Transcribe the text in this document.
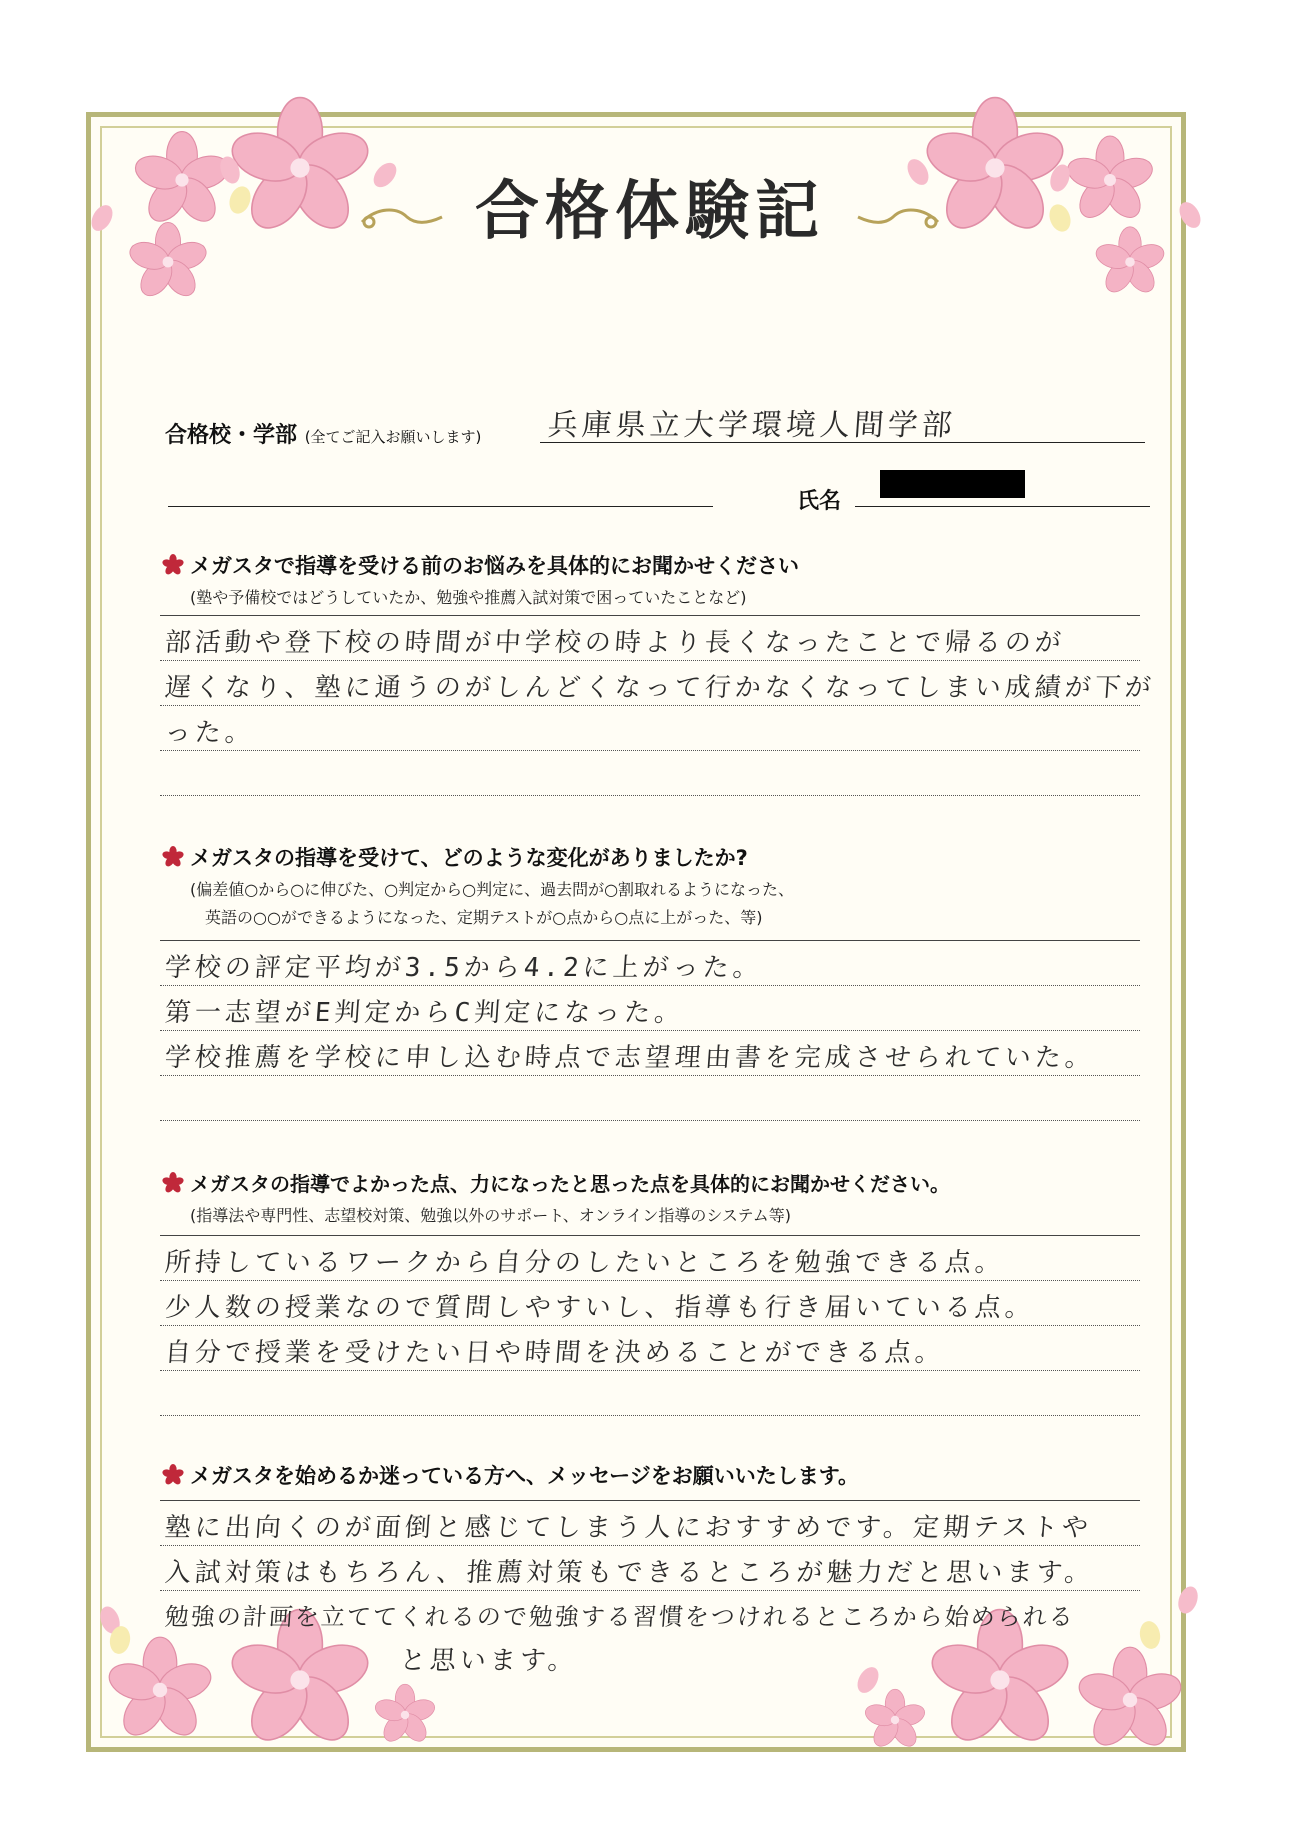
合格体験記
合格校・学部 (全てご記入お願いします) 兵庫県立大学環境人間学部
氏名
メガスタで指導を受ける前のお悩みを具体的にお聞かせください
(塾や予備校ではどうしていたか、勉強や推薦入試対策で困っていたことなど)
部活動や登下校の時間が中学校の時より長くなったことで帰るのが
遅くなり、塾に通うのがしんどくなって行かなくなってしまい成績が下が
った。
メガスタの指導を受けて、どのような変化がありましたか?
(偏差値○から○に伸びた、○判定から○判定に、過去問が○割取れるようになった、
英語の○○ができるようになった、定期テストが○点から○点に上がった、等)
学校の評定平均が3.5から4.2に上がった。
第一志望がE判定からC判定になった。
学校推薦を学校に申し込む時点で志望理由書を完成させられていた。
メガスタの指導でよかった点、力になったと思った点を具体的にお聞かせください。
(指導法や専門性、志望校対策、勉強以外のサポート、オンライン指導のシステム等)
所持しているワークから自分のしたいところを勉強できる点。
少人数の授業なので質問しやすいし、指導も行き届いている点。
自分で授業を受けたい日や時間を決めることができる点。
メガスタを始めるか迷っている方へ、メッセージをお願いいたします。
塾に出向くのが面倒と感じてしまう人におすすめです。定期テストや
入試対策はもちろん、推薦対策もできるところが魅力だと思います。
勉強の計画を立ててくれるので勉強する習慣をつけれるところから始められる
と思います。
